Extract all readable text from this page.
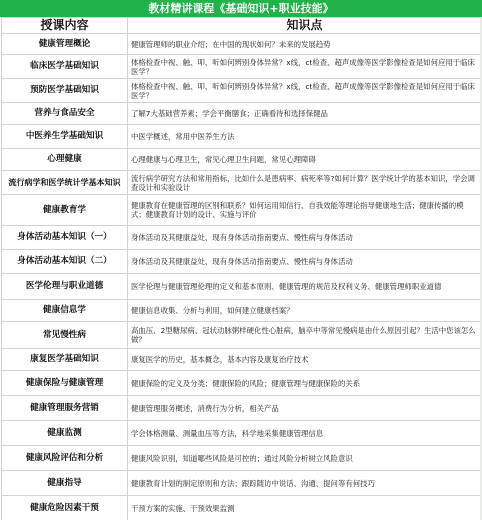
教材精讲课程《基础知识+职业技能》
授课内容	知识点
健康管理概论	健康管理师的职业介绍；在中国的现状如何？未来的发展趋势
临床医学基础知识	体格检查中视、触、叩、听如何辨别身体异常？x线，ct检查、超声成像等医学影像检查是如何应用于临床医学？
预防医学基础知识	体格检查中视、触、叩、听如何辨别身体异常？x线，ct检查、超声成像等医学影像检查是如何应用于临床医学？
营养与食品安全	了解7大基础营养素；学会平衡膳食；正确看待和选择保健品
中医养生学基础知识	中医学概述，常用中医养生方法
心理健康	心理健康与心理卫生，常见心理卫生问题，常见心理障碍
流行病学和医学统计学基本知识	流行病学研究方法和常用指标，比如什么是患病率、病死率等?如何计算？医学统计学的基本知识，学会调查设计和实验设计
健康教育学	健康教育在健康管理的区别和联系？如何运用知信行、自我效能等理论指导健康地生活；健康传播的模式；健康教育计划的设计、实施与评价
身体活动基本知识（一）	身体活动及其健康益处、现有身体活动指南要点、慢性病与身体活动
身体活动基本知识（二）	身体活动及其健康益处、现有身体活动指南要点、慢性病与身体活动
医学伦理与职业道德	医学伦理与健康管理伦理的定义和基本原则、健康管理的规范及权利义务、健康管理师职业道德
健康信息学	健康信息收集、分析与利用，如何建立健康档案？
常见慢性病	高血压、2型糖尿病、冠状动脉粥样硬化性心脏病，脑卒中等常见慢病是由什么原因引起？生活中您该怎么做？
康复医学基础知识	康复医学的历史，基本概念，基本内容及康复治疗技术
健康保险与健康管理	健康保险的定义及分类；健康保险的风险；健康管理与健康保险的关系
健康管理服务营销	健康管理服务概述，消费行为分析，相关产品
健康监测	学会体格测量、测量血压等方法，科学地采集健康管理信息
健康风险评估和分析	健康风险识别，知道哪些风险是可控的；通过风险分析树立风险意识
健康指导	健康教育计划的制定原则和方法；跟踪随访中说话、沟通、提问等有何技巧
健康危险因素干预	干预方案的实施、干预效果监测
